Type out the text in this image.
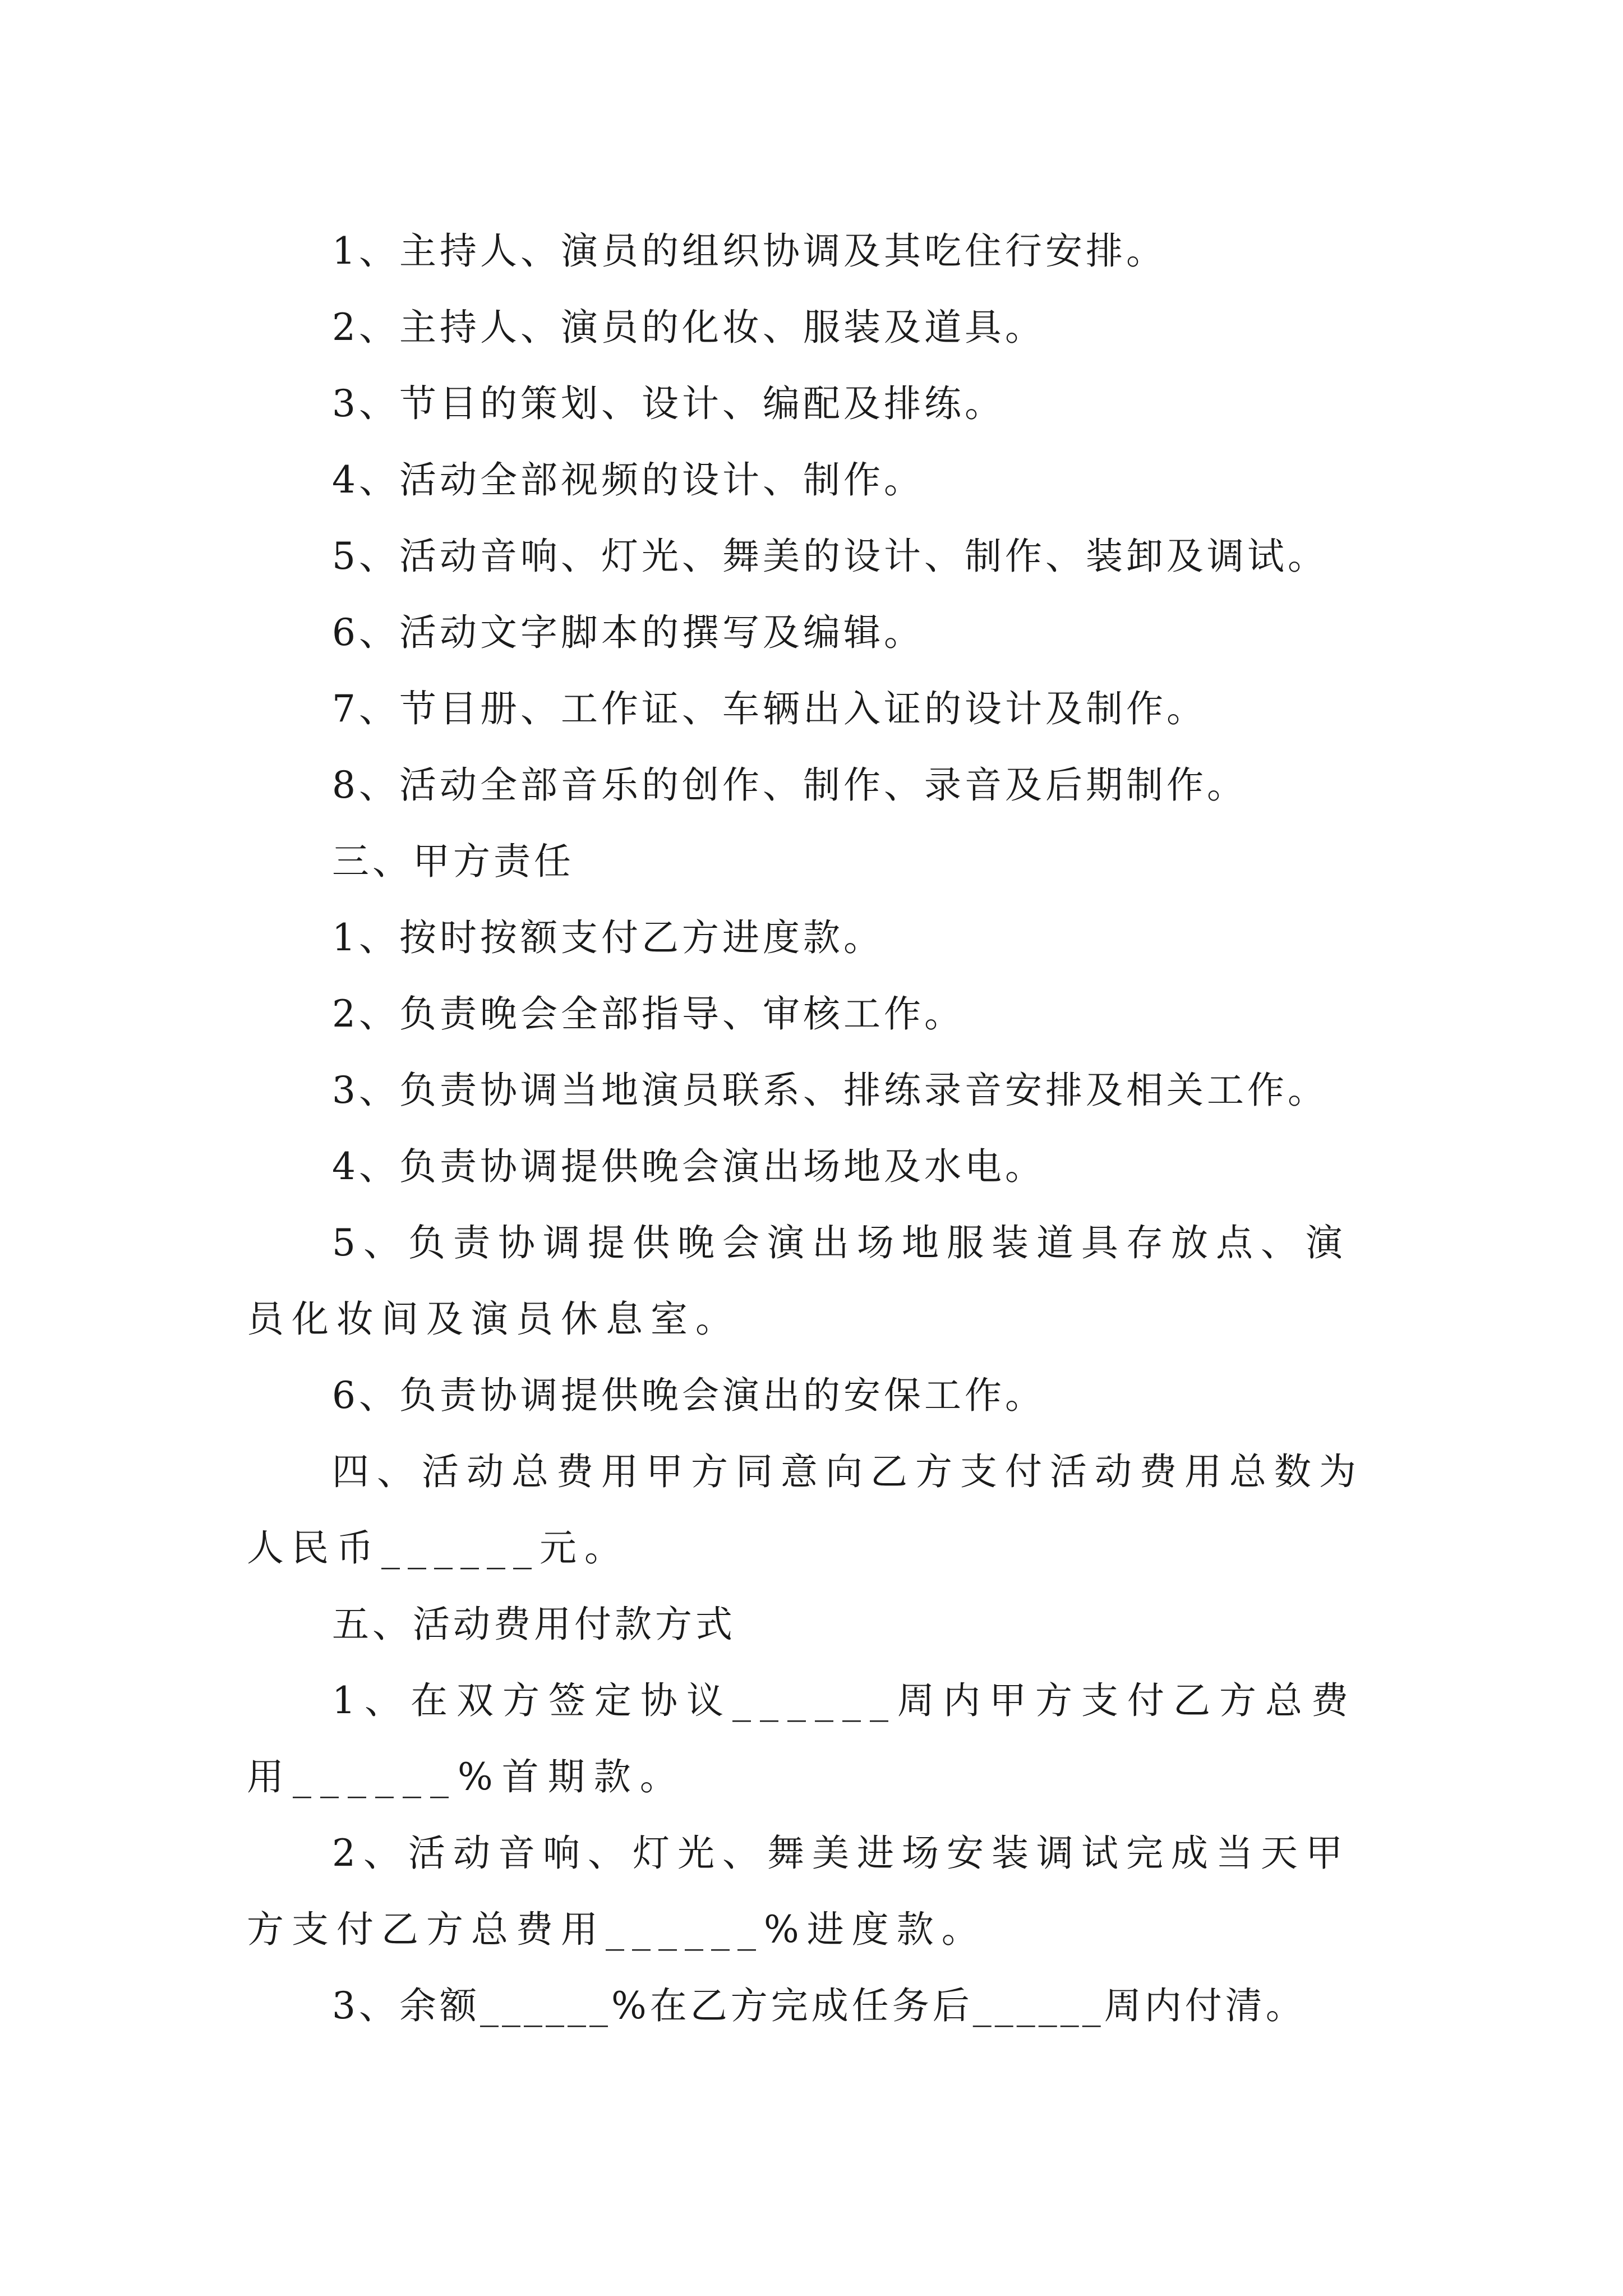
1、主持人、演员的组织协调及其吃住行安排。

2、主持人、演员的化妆、服装及道具。

3、节目的策划、设计、编配及排练。

4、活动全部视频的设计、制作。

5、活动音响、灯光、舞美的设计、制作、装卸及调试。

6、活动文字脚本的撰写及编辑。

7、节目册、工作证、车辆出入证的设计及制作。

8、活动全部音乐的创作、制作、录音及后期制作。

三、甲方责任

1、按时按额支付乙方进度款。

2、负责晚会全部指导、审核工作。

3、负责协调当地演员联系、排练录音安排及相关工作。

4、负责协调提供晚会演出场地及水电。

5、负责协调提供晚会演出场地服装道具存放点、演员化妆间及演员休息室。

6、负责协调提供晚会演出的安保工作。

四、活动总费用甲方同意向乙方支付活动费用总数为人民币______元。

五、活动费用付款方式

1、在双方签定协议______周内甲方支付乙方总费用______%首期款。

2、活动音响、灯光、舞美进场安装调试完成当天甲方支付乙方总费用______%进度款。

3、余额______%在乙方完成任务后______周内付清。
